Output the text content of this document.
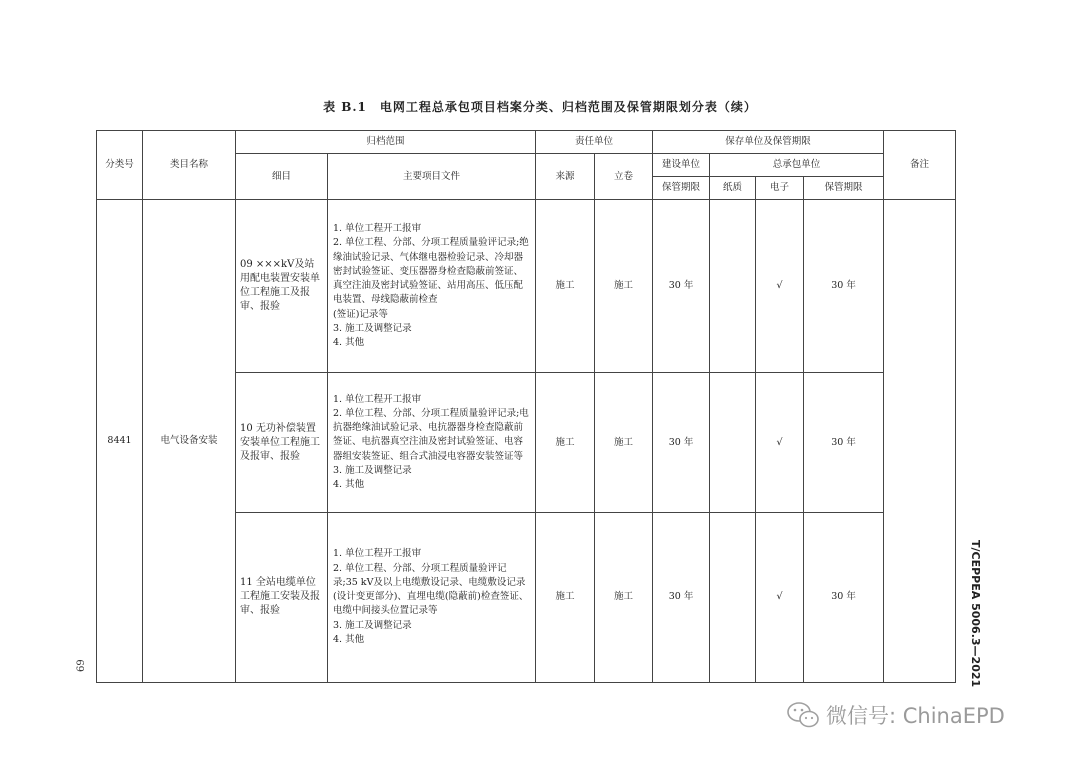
表 B.1　电网工程总承包项目档案分类、归档范围及保管期限划分表（续）
分类号	类目名称	归档范围		责任单位		保存单位及保管期限				备注
		细目	主要项目文件	来源	立卷	建设单位	总承包单位			
						保管期限	纸质	电子	保管期限	
8441	电气设备安装	09 ×××kV及站用配电装置安装单位工程施工及报审、报验	1. 单位工程开工报审
2. 单位工程、分部、分项工程质量验评记录;绝缘油试验记录、气体继电器检验记录、冷却器密封试验签证、变压器器身检查隐蔽前签证、真空注油及密封试验签证、站用高压、低压配电装置、母线隐蔽前检查
(签证)记录等
3. 施工及调整记录
4. 其他	施工	施工	30 年		√	30 年	
		10 无功补偿装置安装单位工程施工及报审、报验	1. 单位工程开工报审
2. 单位工程、分部、分项工程质量验评记录;电抗器绝缘油试验记录、电抗器器身检查隐蔽前签证、电抗器真空注油及密封试验签证、电容器组安装签证、组合式油浸电容器安装签证等
3. 施工及调整记录
4. 其他	施工	施工	30 年		√	30 年	
		11 全站电缆单位工程施工安装及报审、报验	1. 单位工程开工报审
2. 单位工程、分部、分项工程质量验评记录;35 kV及以上电缆敷设记录、电缆敷设记录(设计变更部分)、直埋电缆(隐蔽前)检查签证、电缆中间接头位置记录等
3. 施工及调整记录
4. 其他	施工	施工	30 年		√	30 年		T/CEPPEA 5006.3—2021
69
微信号: ChinaEPD
